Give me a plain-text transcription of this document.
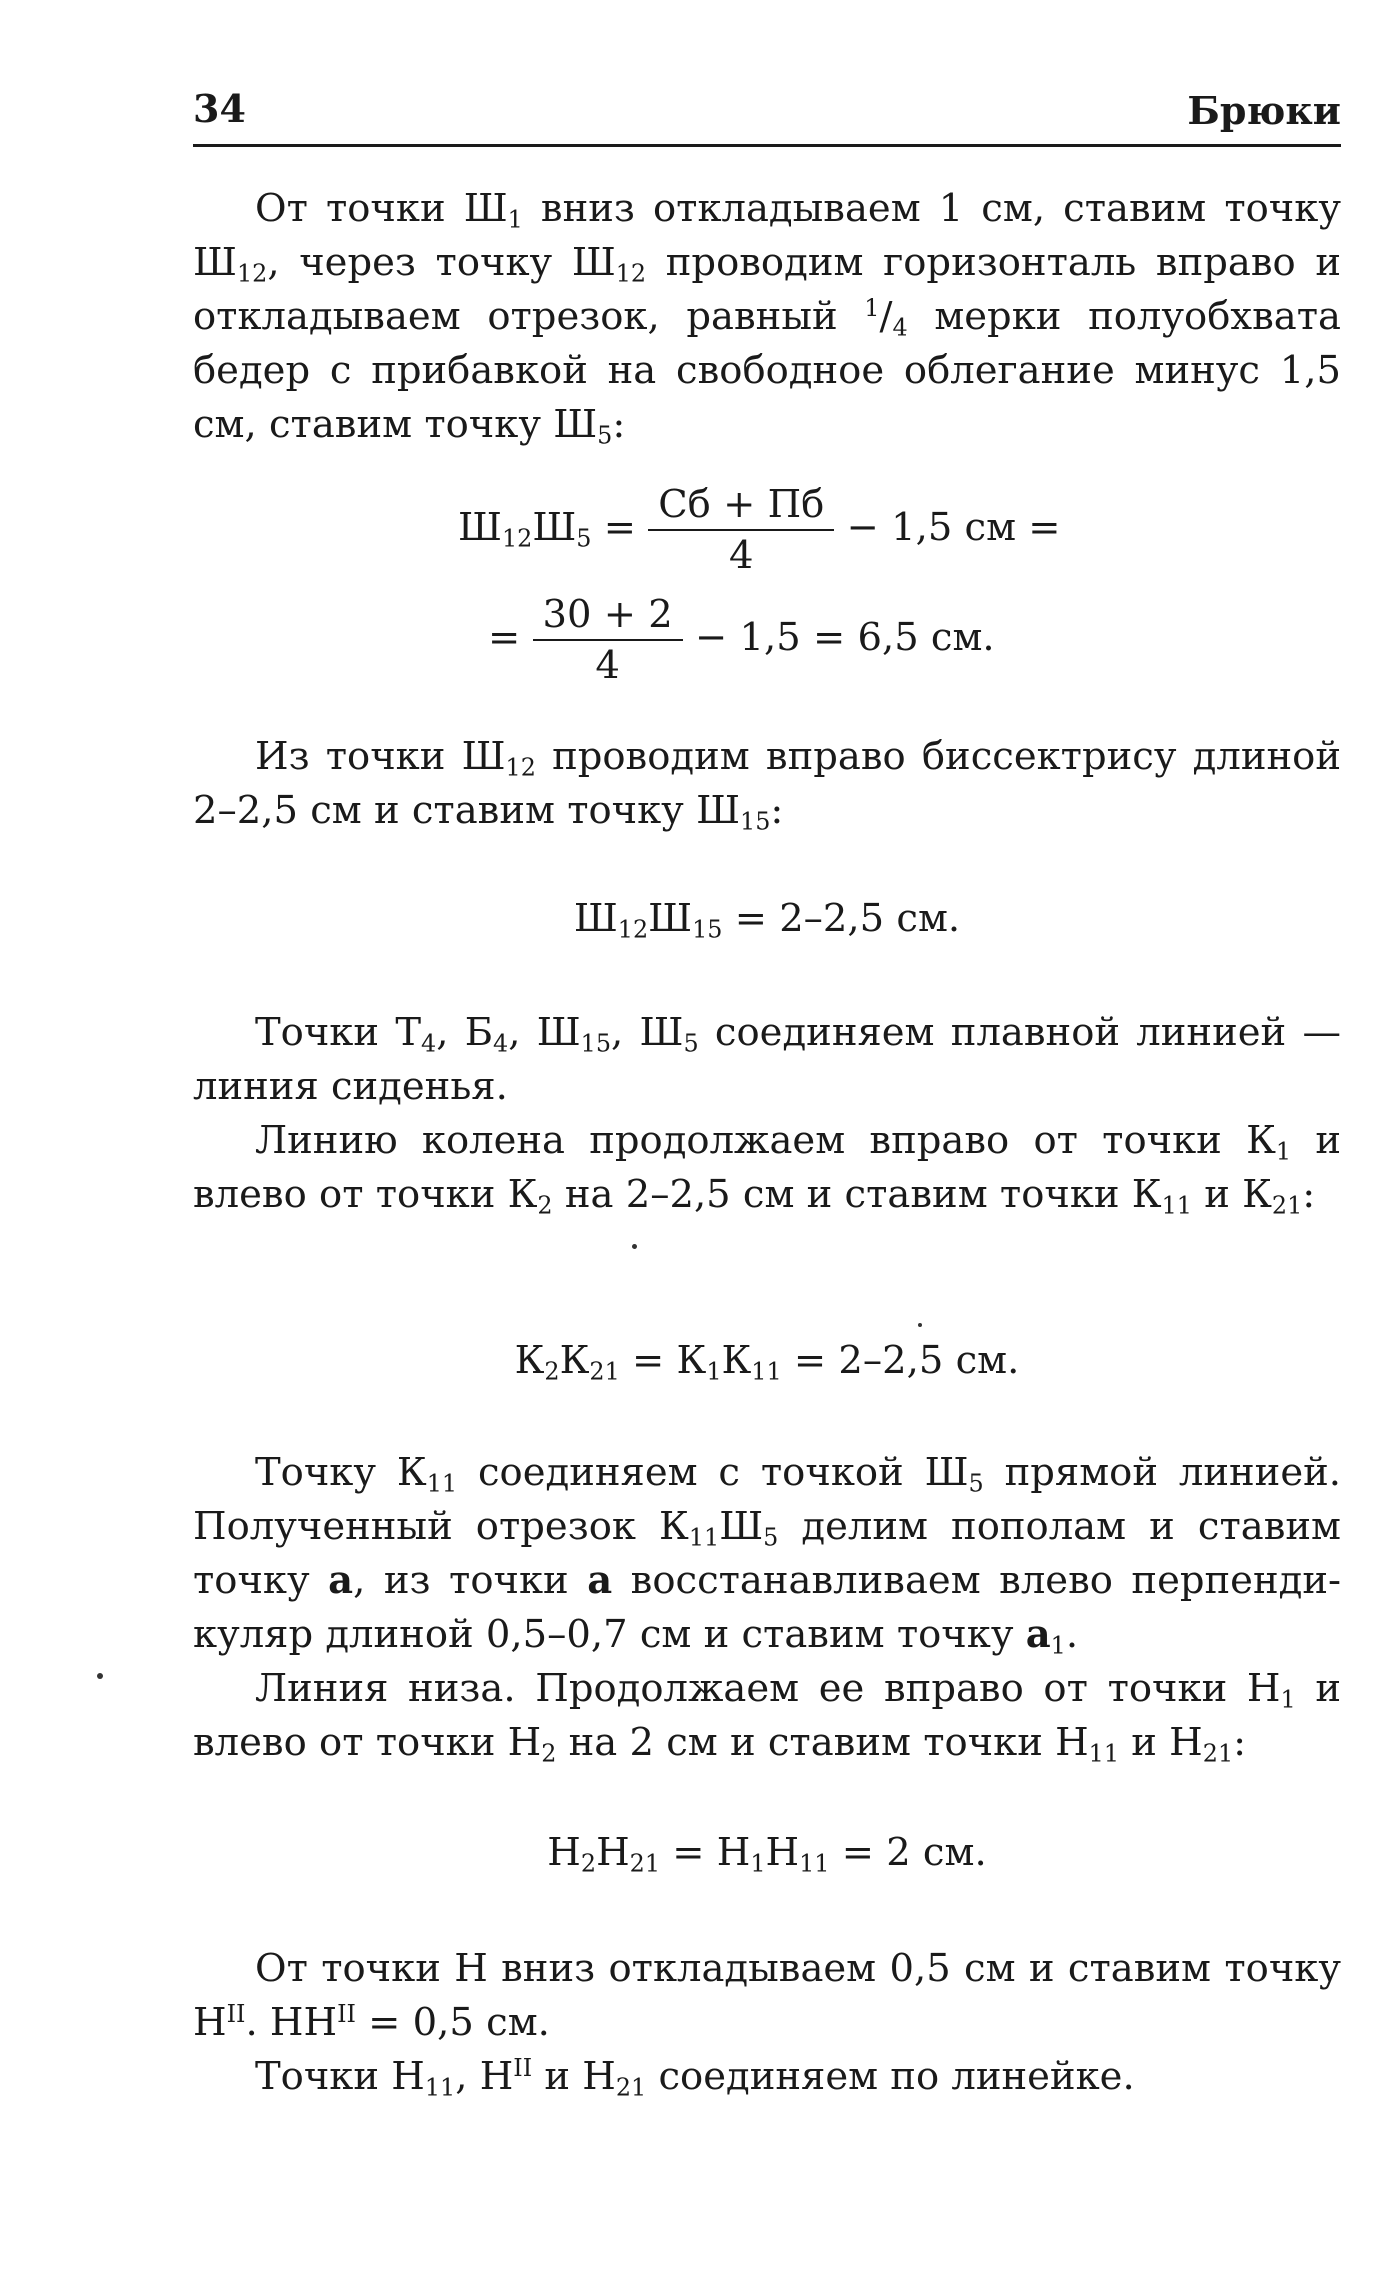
34	Брюки

От точки $Ш_1$ вниз откладываем 1 см, ставим точку $Ш_{12}$, через точку $Ш_{12}$ проводим горизонталь вправо и откладываем отрезок, равный $^1/_4$ мерки полуобхвата бедер с прибавкой на свободное облегание минус 1,5 см, ставим точку $Ш_5$:

$Ш_{12}Ш_5 = \frac{Сб + Пб}{4} - 1,5$ см =
= $\frac{30 + 2}{4} - 1,5 = 6,5$ см.

Из точки $Ш_{12}$ проводим вправо биссектрису длиной 2–2,5 см и ставим точку $Ш_{15}$:

$Ш_{12}Ш_{15} = 2-2,5$ см.

Точки $Т_4$, $Б_4$, $Ш_{15}$, $Ш_5$ соединяем плавной линией — линия сиденья.

Линию колена продолжаем вправо от точки $К_1$ и влево от точки $К_2$ на 2–2,5 см и ставим точки $К_{11}$ и $К_{21}$:

$К_2К_{21} = К_1К_{11} = 2-2,5$ см.

Точку $К_{11}$ соединяем с точкой $Ш_5$ прямой линией. Полученный отрезок $К_{11}Ш_5$ делим пополам и ставим точку а, из точки а восстанавливаем влево перпендикуляр длиной 0,5–0,7 см и ставим точку $а_1$.

Линия низа. Продолжаем ее вправо от точки $Н_1$ и влево от точки $Н_2$ на 2 см и ставим точки $Н_{11}$ и $Н_{21}$:

$Н_2Н_{21} = Н_1Н_{11} = 2$ см.

От точки Н вниз откладываем 0,5 см и ставим точку $Н^{II}$. $НН^{II} = 0,5$ см.

Точки $Н_{11}$, $Н^{II}$ и $Н_{21}$ соединяем по линейке.
